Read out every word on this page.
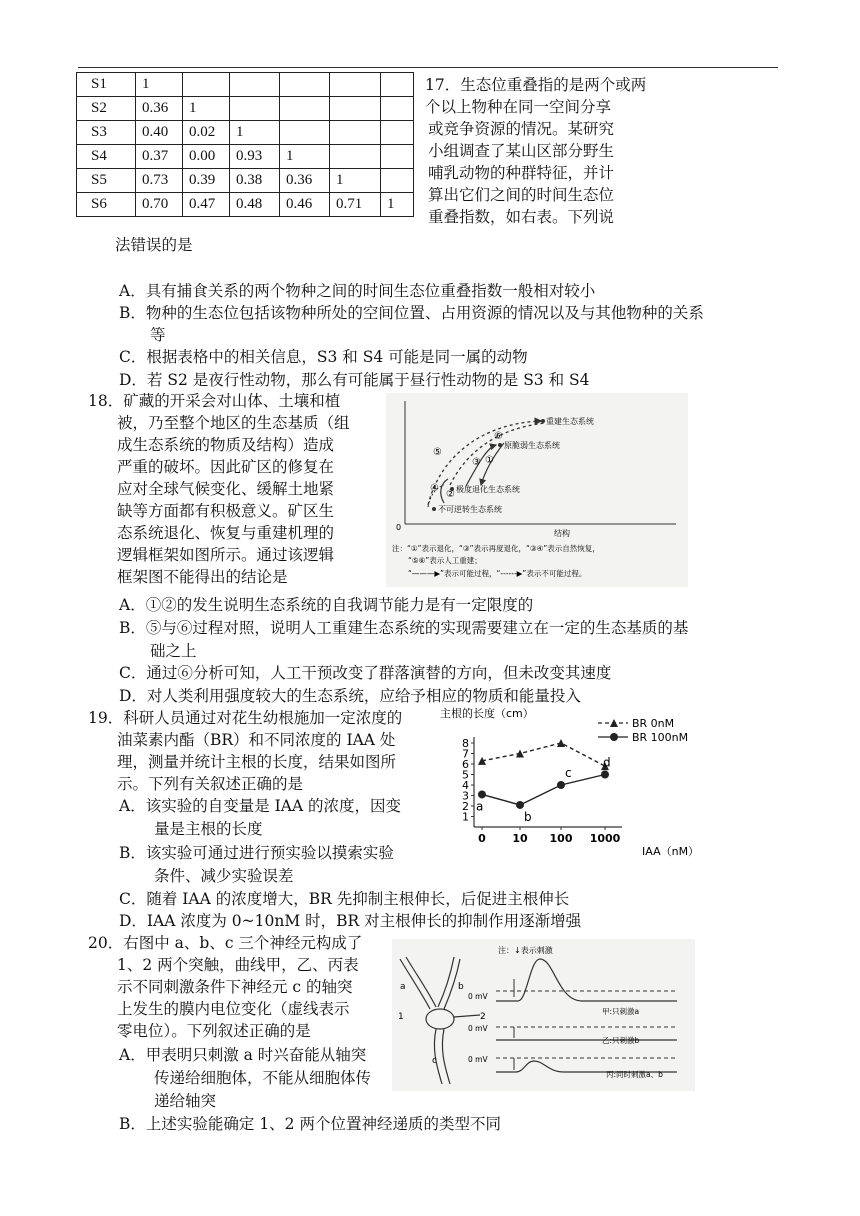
S1	1					
S2	0.36	1				
S3	0.40	0.02	1			
S4	0.37	0.00	0.93	1		
S5	0.73	0.39	0.38	0.36	1	
S6	0.70	0.47	0.48	0.46	0.71	1
17．生态位重叠指的是两个或两
个以上物种在同一空间分享
或竞争资源的情况。某研究
小组调查了某山区部分野生
哺乳动物的种群特征，并计
算出它们之间的时间生态位
重叠指数，如右表。下列说
法错误的是
A．具有捕食关系的两个物种之间的时间生态位重叠指数一般相对较小
B．物种的生态位包括该物种所处的空间位置、占用资源的情况以及与其他物种的关系
等
C．根据表格中的相关信息，S3 和 S4 可能是同一属的动物
D．若 S2 是夜行性动物，那么有可能属于昼行性动物的是 S3 和 S4
18．矿藏的开采会对山体、土壤和植
被，乃至整个地区的生态基质（组
成生态系统的物质及结构）造成
严重的破坏。因此矿区的修复在
应对全球气候变化、缓解土地紧
缺等方面都有积极意义。矿区生
态系统退化、恢复与重建机理的
逻辑框架如图所示。通过该逻辑
框架图不能得出的结论是
0
结构
重建生态系统
原脆弱生态系统
极度退化生态系统
不可逆转生态系统
⑤
⑥
①
③
④
②
注：“①”表示退化，“③”表示再度退化，“③④”表示自然恢复，
“⑤⑥”表示人工重建；
“———▶”表示可能过程，“------▶”表示不可能过程。
A．①②的发生说明生态系统的自我调节能力是有一定限度的
B．⑤与⑥过程对照，说明人工重建生态系统的实现需要建立在一定的生态基质的基
础之上
C．通过⑥分析可知，人工干预改变了群落演替的方向，但未改变其速度
D．对人类利用强度较大的生态系统，应给予相应的物质和能量投入
19．科研人员通过对花生幼根施加一定浓度的
油菜素内酯（BR）和不同浓度的 IAA 处
理，测量并统计主根的长度，结果如图所
示。下列有关叙述正确的是
A．该实验的自变量是 IAA 的浓度，因变
量是主根的长度
B．该实验可通过进行预实验以摸索实验
条件、减少实验误差
C．随着 IAA 的浓度增大，BR 先抑制主根伸长，后促进主根伸长
D．IAA 浓度为 0~10nM 时，BR 对主根伸长的抑制作用逐渐增强
主根的长度（cm）
1
2
3
4
5
6
7
8
0 10 100 1000
a
b
c
d
BR 0nM
BR 100nM
IAA（nM）
20．右图中 a、b、c 三个神经元构成了
1、2 两个突触，曲线甲，乙、丙表
示不同刺激条件下神经元 c 的轴突
上发生的膜内电位变化（虚线表示
零电位）。下列叙述正确的是
A．甲表明只刺激 a 时兴奋能从轴突
传递给细胞体，不能从细胞体传
递给轴突
B．上述实验能确定 1、2 两个位置神经递质的类型不同
a	b
c
1	2
注：↓表示刺激
0 mV
甲:只刺激a
0 mV
乙:只刺激b
0 mV
丙:同时刺激a、b
